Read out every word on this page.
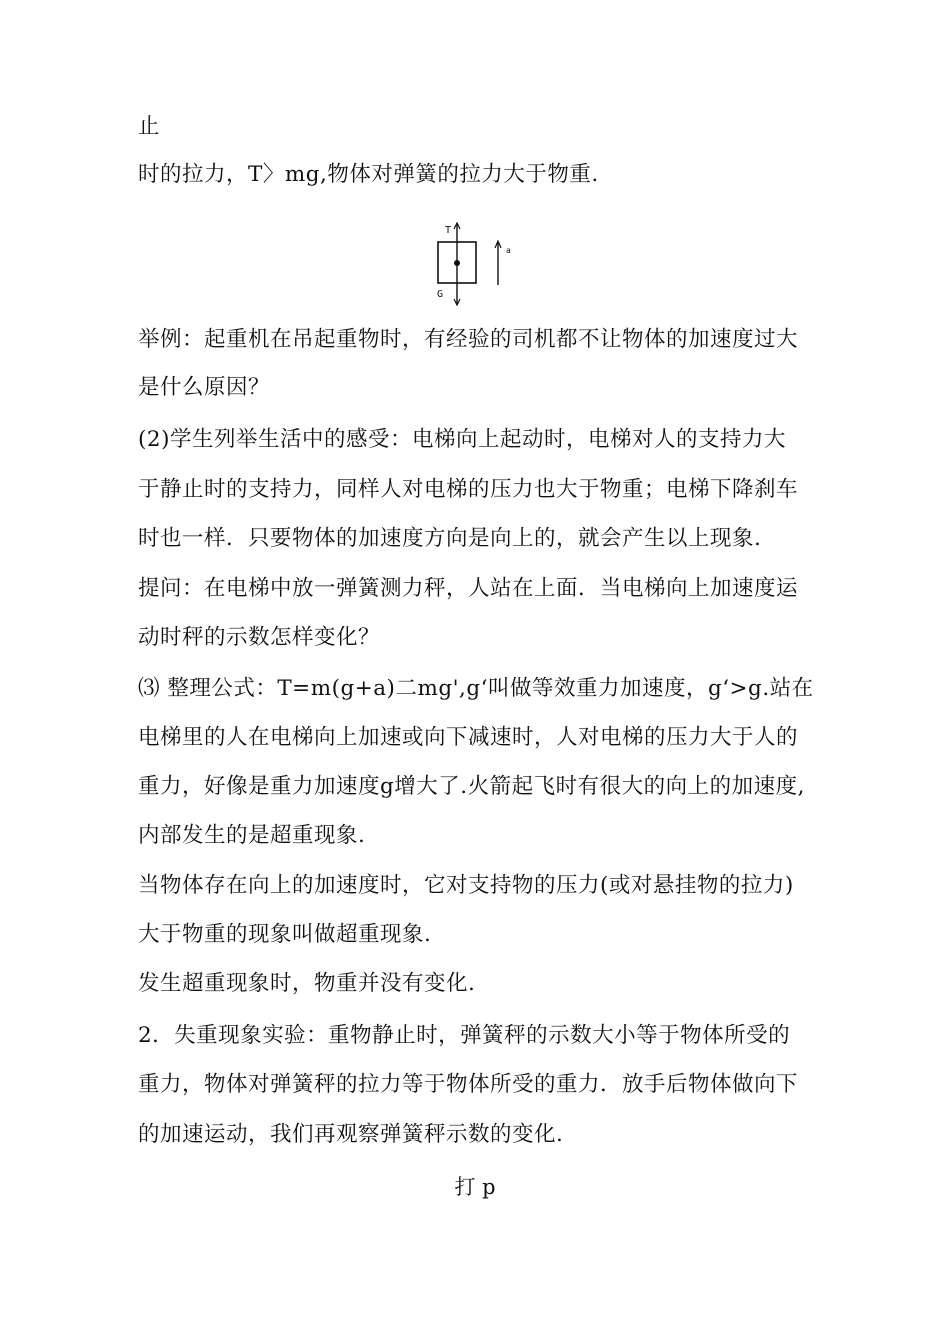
止
时的拉力，T〉mg,物体对弹簧的拉力大于物重.
T
G
a
举例：起重机在吊起重物时，有经验的司机都不让物体的加速度过大
是什么原因？
(2)学生列举生活中的感受：电梯向上起动时，电梯对人的支持力大
于静止时的支持力，同样人对电梯的压力也大于物重；电梯下降刹车
时也一样．只要物体的加速度方向是向上的，就会产生以上现象.
提问：在电梯中放一弹簧测力秤，人站在上面．当电梯向上加速度运
动时秤的示数怎样变化？
⑶ 整理公式：T=m(g+a)二mg',g‘叫做等效重力加速度，g‘>g.站在
电梯里的人在电梯向上加速或向下减速时，人对电梯的压力大于人的
重力，好像是重力加速度g增大了.火箭起飞时有很大的向上的加速度,
内部发生的是超重现象.
当物体存在向上的加速度时，它对支持物的压力(或对悬挂物的拉力)
大于物重的现象叫做超重现象.
发生超重现象时，物重并没有变化.
2．失重现象实验：重物静止时，弹簧秤的示数大小等于物体所受的
重力，物体对弹簧秤的拉力等于物体所受的重力．放手后物体做向下
的加速运动，我们再观察弹簧秤示数的变化.
打 p
